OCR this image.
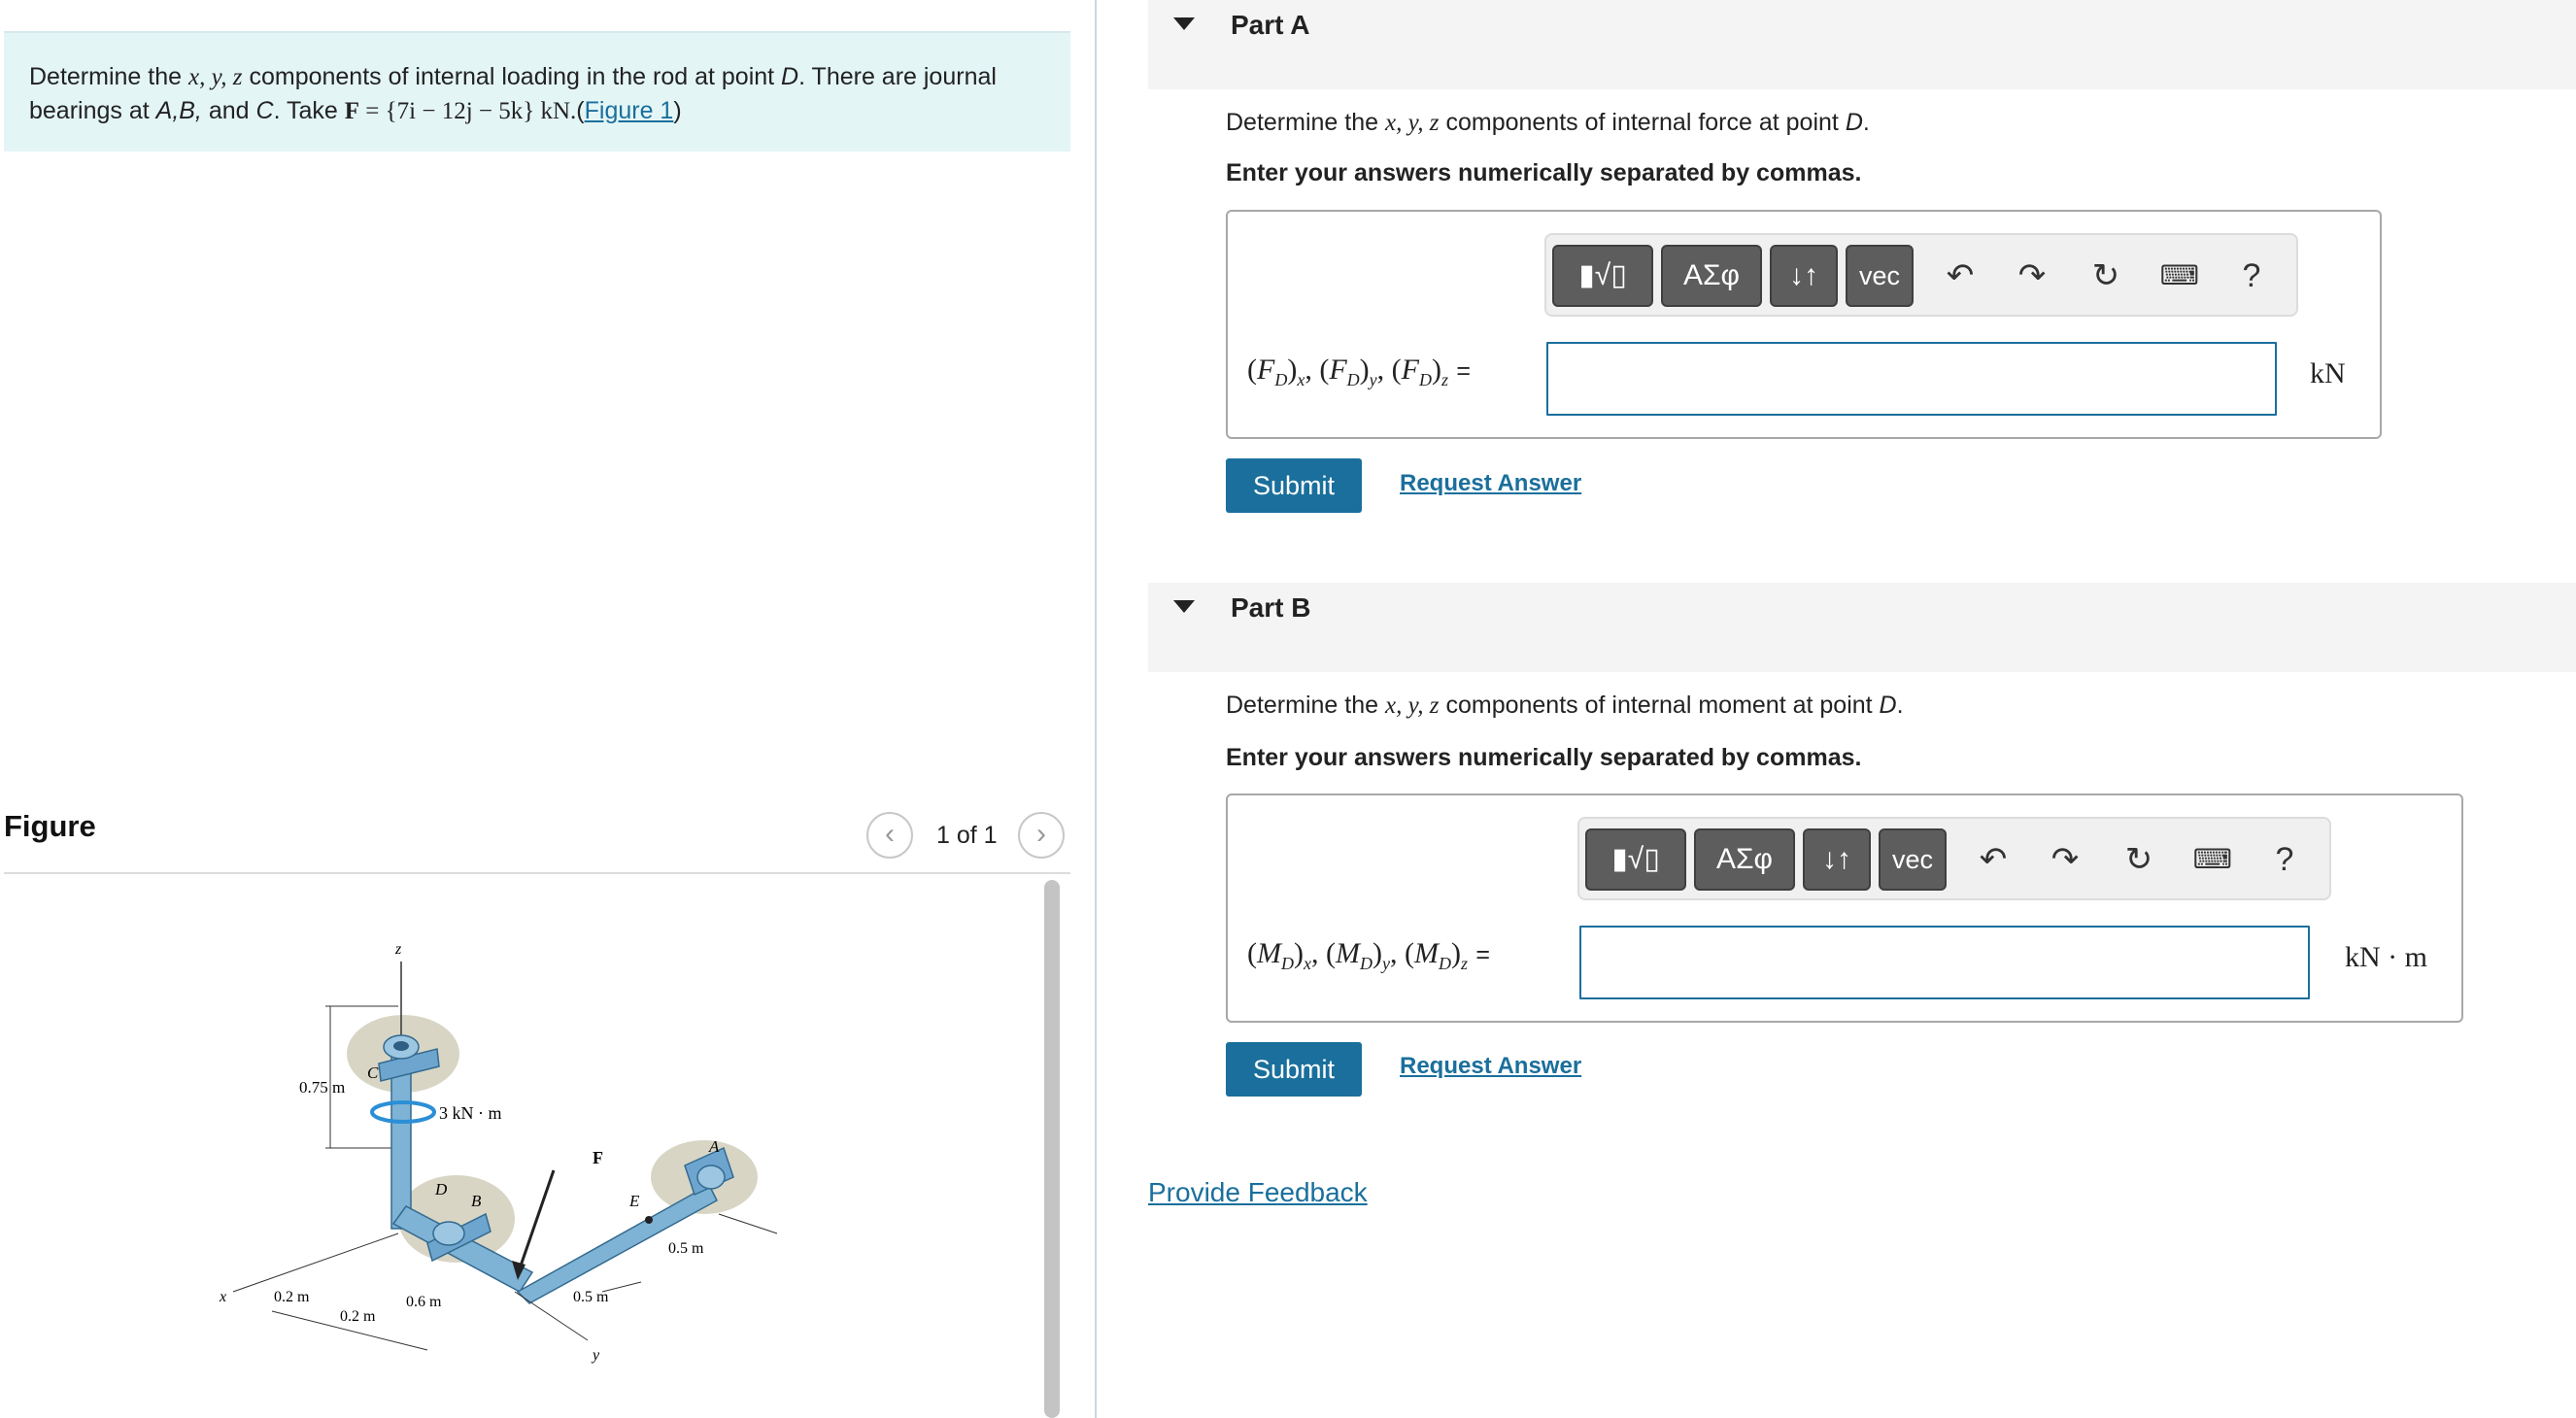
Determine the x, y, z components of internal loading in the rod at point D. There are journal bearings at A,B, and C. Take F = {7i − 12j − 5k} kN.(Figure 1)
Figure	‹	1 of 1	›
z
0.75 m
C
3 kN · m
D
B	E
A
F
x
y
0.2 m
0.2 m
0.6 m
0.5 m
0.5 m
Part A
Determine the x, y, z components of internal force at point D.
Enter your answers numerically separated by commas.
▮√▯	ΑΣφ	↓↑	vec	↶	↷	↻	⌨	?
$(F_D)_x$, $(F_D)_y$, $(F_D)_z$ =	kN
Submit	Request Answer
Part B
Determine the x, y, z components of internal moment at point D.
Enter your answers numerically separated by commas.
▮√▯	ΑΣφ	↓↑	vec	↶	↷	↻	⌨	?
$(M_D)_x$, $(M_D)_y$, $(M_D)_z$ =	kN · m
Submit	Request Answer
Provide Feedback
